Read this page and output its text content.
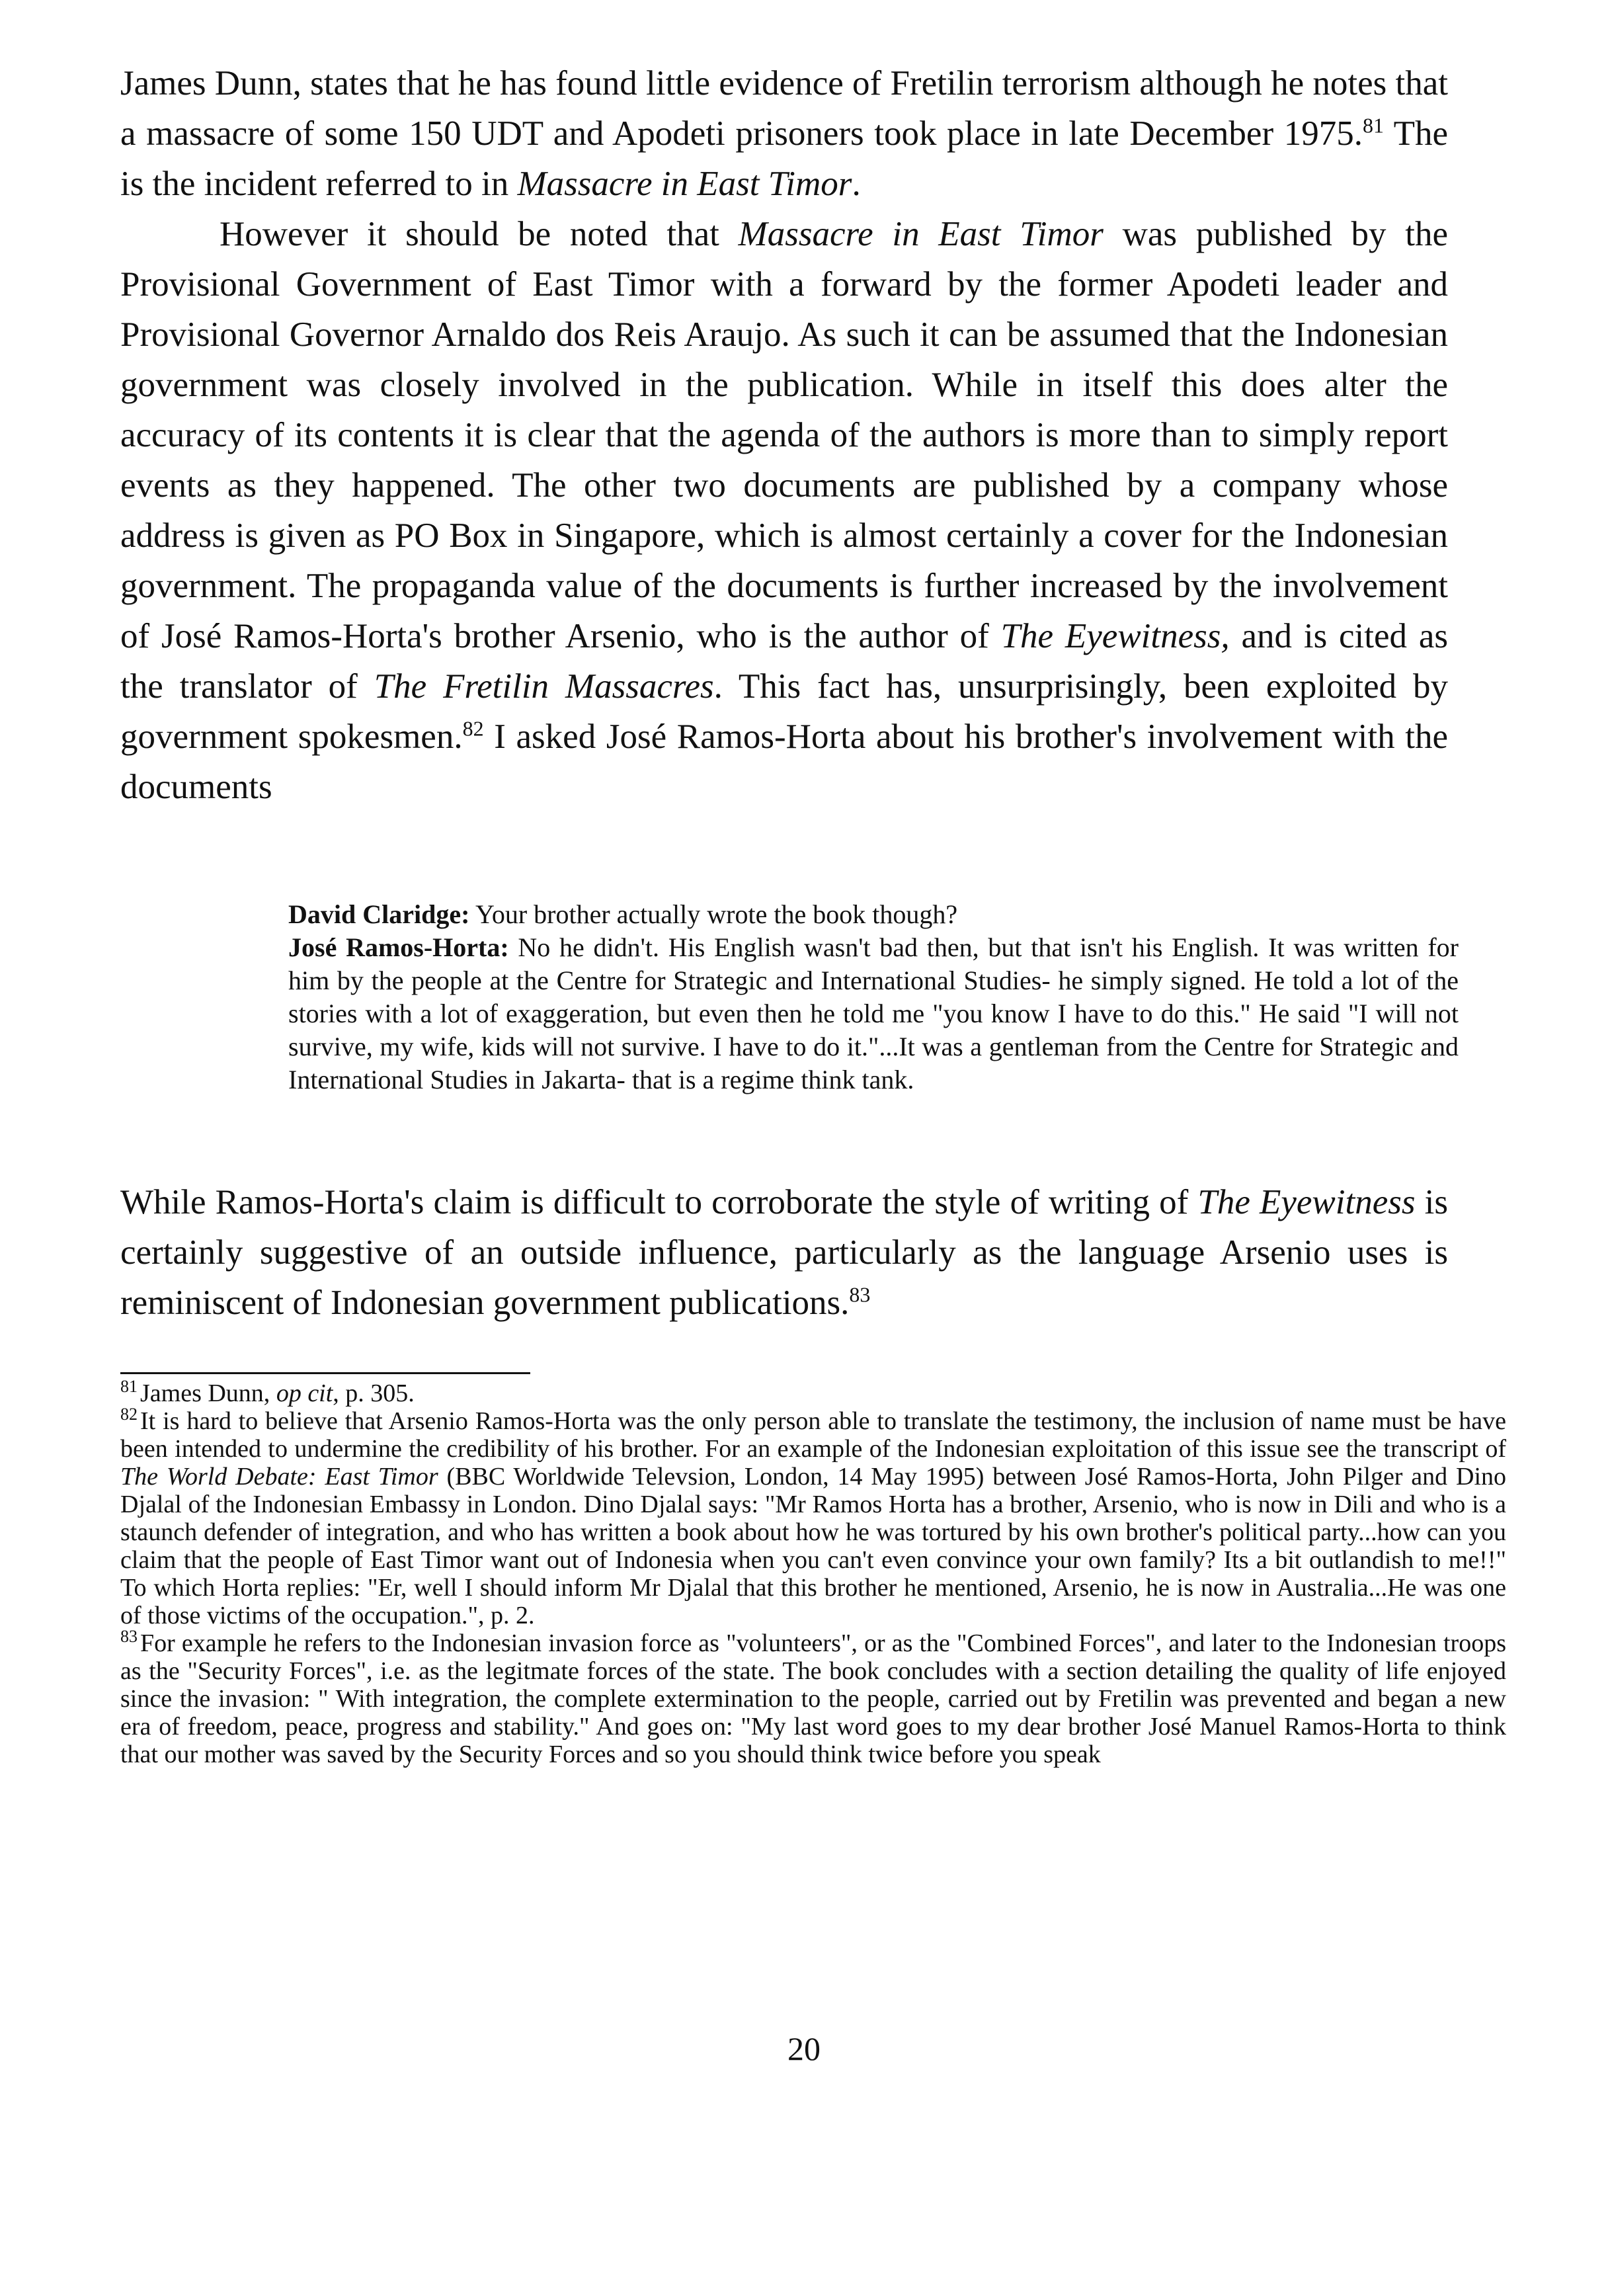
James Dunn, states that he has found little evidence of Fretilin terrorism although he notes that a massacre of some 150 UDT and Apodeti prisoners took place in late December 1975.81 The is the incident referred to in Massacre in East Timor.

However it should be noted that Massacre in East Timor was published by the Provisional Government of East Timor with a forward by the former Apodeti leader and Provisional Governor Arnaldo dos Reis Araujo. As such it can be assumed that the Indonesian government was closely involved in the publication. While in itself this does alter the accuracy of its contents it is clear that the agenda of the authors is more than to simply report events as they happened. The other two documents are published by a company whose address is given as PO Box in Singapore, which is almost certainly a cover for the Indonesian government. The propaganda value of the documents is further increased by the involvement of José Ramos-Horta's brother Arsenio, who is the author of The Eyewitness, and is cited as the translator of The Fretilin Massacres. This fact has, unsurprisingly, been exploited by government spokesmen.$^{82}$ I asked José Ramos-Horta about his brother's involvement with the documents

David Claridge: Your brother actually wrote the book though?

José Ramos-Horta: No he didn't. His English wasn't bad then, but that isn't his English. It was written for him by the people at the Centre for Strategic and International Studies- he simply signed. He told a lot of the stories with a lot of exaggeration, but even then he told me "you know I have to do this." He said "I will not survive, my wife, kids will not survive. I have to do it."...It was a gentleman from the Centre for Strategic and International Studies in Jakarta- that is a regime think tank.

While Ramos-Horta's claim is difficult to corroborate the style of writing of The Eyewitness is certainly suggestive of an outside influence, particularly as the language Arsenio uses is reminiscent of Indonesian government publications.$^{83}$

$^{81}$ James Dunn, op cit, p. 305.

$^{82}$ It is hard to believe that Arsenio Ramos-Horta was the only person able to translate the testimony, the inclusion of name must be have been intended to undermine the credibility of his brother. For an example of the Indonesian exploitation of this issue see the transcript of The World Debate: East Timor (BBC Worldwide Televsion, London, 14 May 1995) between José Ramos-Horta, John Pilger and Dino Djalal of the Indonesian Embassy in London. Dino Djalal says: "Mr Ramos Horta has a brother, Arsenio, who is now in Dili and who is a staunch defender of integration, and who has written a book about how he was tortured by his own brother's political party...how can you claim that the people of East Timor want out of Indonesia when you can't even convince your own family? Its a bit outlandish to me!!" To which Horta replies: "Er, well I should inform Mr Djalal that this brother he mentioned, Arsenio, he is now in Australia...He was one of those victims of the occupation.", p. 2.

$^{83}$ For example he refers to the Indonesian invasion force as "volunteers", or as the "Combined Forces", and later to the Indonesian troops as the "Security Forces", i.e. as the legitmate forces of the state. The book concludes with a section detailing the quality of life enjoyed since the invasion: " With integration, the complete extermination to the people, carried out by Fretilin was prevented and began a new era of freedom, peace, progress and stability." And goes on: "My last word goes to my dear brother José Manuel Ramos-Horta to think that our mother was saved by the Security Forces and so you should think twice before you speak

20
